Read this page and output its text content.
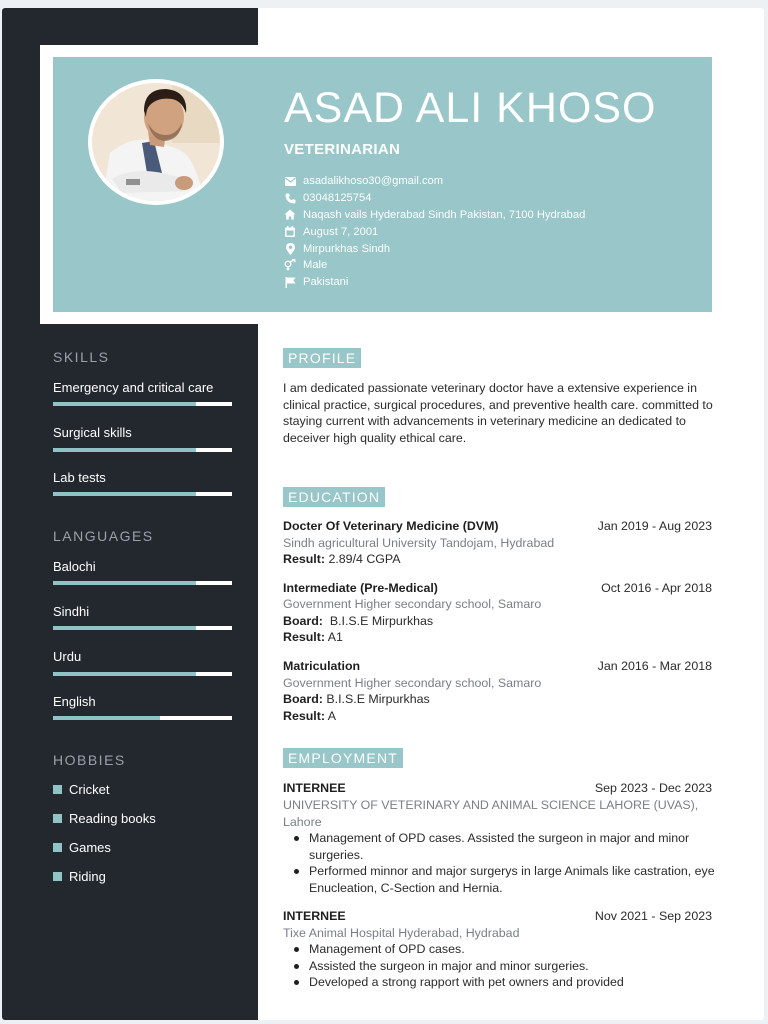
ASAD ALI KHOSO
VETERINARIAN
asadalikhoso30@gmail.com
03048125754
Naqash vails Hyderabad Sindh Pakistan, 7100 Hydrabad
August 7, 2001
Mirpurkhas Sindh
Male
Pakistani
SKILLS
Emergency and critical care
Surgical skills
Lab tests
LANGUAGES
Balochi
Sindhi
Urdu
English
HOBBIES
Cricket
Reading books
Games
Riding
PROFILE
I am dedicated passionate veterinary doctor have a extensive experience in clinical practice, surgical procedures, and preventive health care. committed to staying current with advancements in veterinary medicine an dedicated to deceiver high quality ethical care.
EDUCATION
Docter Of Veterinary Medicine (DVM)	Jan 2019 - Aug 2023
Sindh agricultural University Tandojam, Hydrabad
Result: 2.89/4 CGPA
Intermediate (Pre-Medical)	Oct 2016 - Apr 2018
Government Higher secondary school, Samaro
Board: B.I.S.E Mirpurkhas
Result: A1
Matriculation	Jan 2016 - Mar 2018
Government Higher secondary school, Samaro
Board: B.I.S.E Mirpurkhas
Result: A
EMPLOYMENT
INTERNEE	Sep 2023 - Dec 2023
UNIVERSITY OF VETERINARY AND ANIMAL SCIENCE LAHORE (UVAS), Lahore
Management of OPD cases. Assisted the surgeon in major and minor surgeries.
Performed minnor and major surgerys in large Animals like castration, eye Enucleation, C-Section and Hernia.
INTERNEE	Nov 2021 - Sep 2023
Tixe Animal Hospital Hyderabad, Hydrabad
Management of OPD cases.
Assisted the surgeon in major and minor surgeries.
Developed a strong rapport with pet owners and provided
